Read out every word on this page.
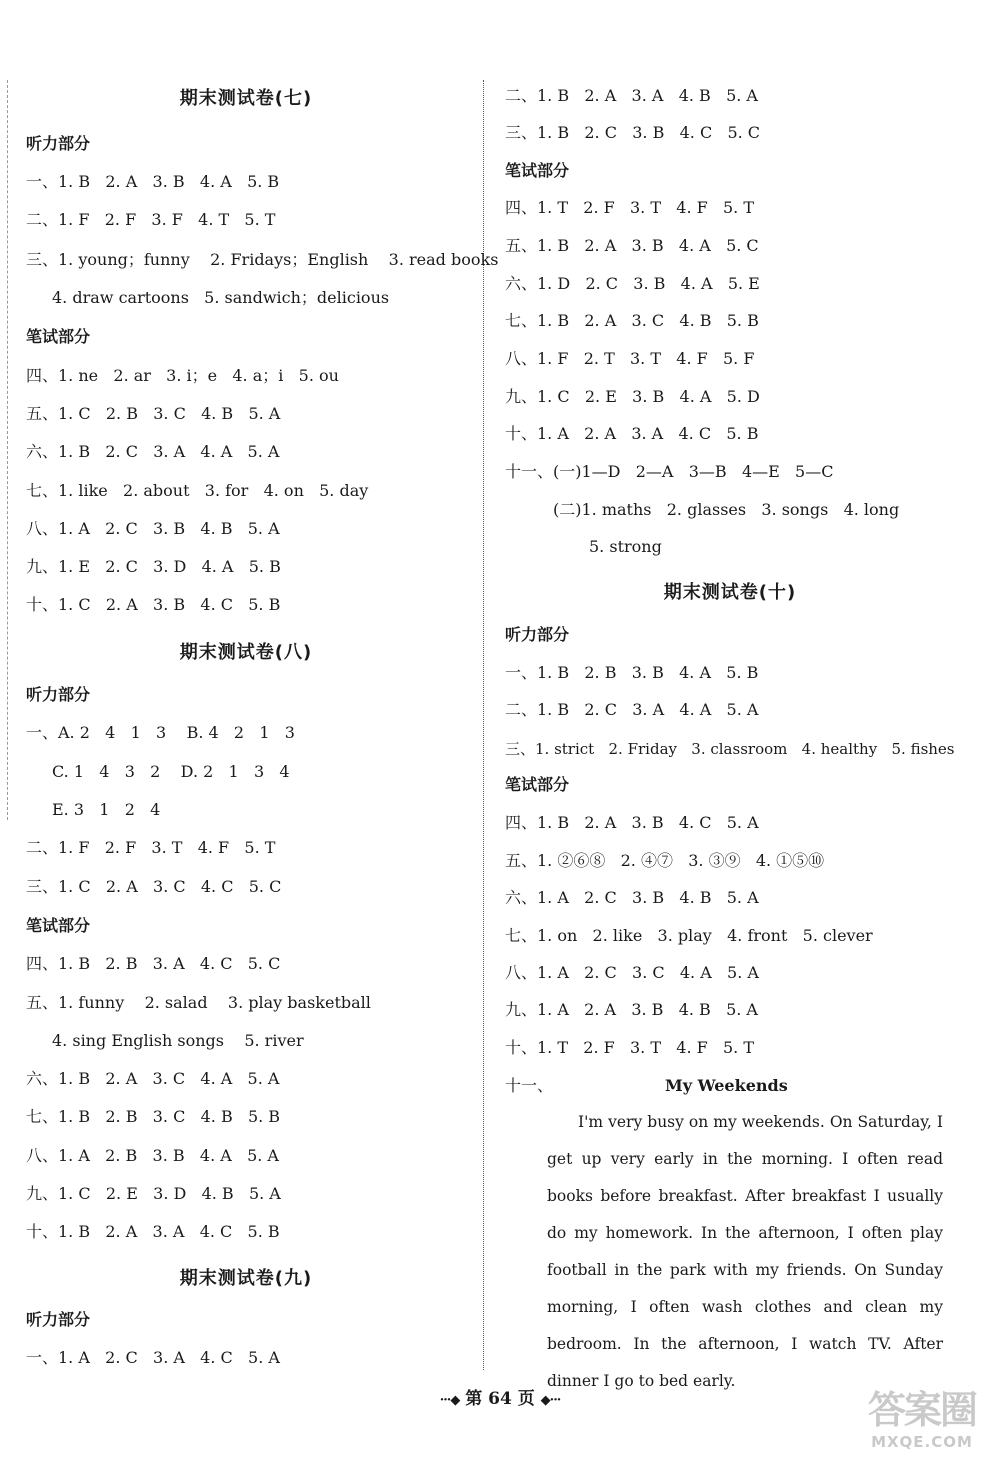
期末测试卷(七)
听力部分
一、1. B   2. A   3. B   4. A   5. B
二、1. F   2. F   3. F   4. T   5. T
三、1. young；funny    2. Fridays；English    3. read books
4. draw cartoons   5. sandwich；delicious
笔试部分
四、1. ne   2. ar   3. i；e   4. a；i   5. ou
五、1. C   2. B   3. C   4. B   5. A
六、1. B   2. C   3. A   4. A   5. A
七、1. like   2. about   3. for   4. on   5. day
八、1. A   2. C   3. B   4. B   5. A
九、1. E   2. C   3. D   4. A   5. B
十、1. C   2. A   3. B   4. C   5. B
期末测试卷(八)
听力部分
一、A. 2   4   1   3    B. 4   2   1   3
C. 1   4   3   2    D. 2   1   3   4
E. 3   1   2   4
二、1. F   2. F   3. T   4. F   5. T
三、1. C   2. A   3. C   4. C   5. C
笔试部分
四、1. B   2. B   3. A   4. C   5. C
五、1. funny    2. salad    3. play basketball
4. sing English songs    5. river
六、1. B   2. A   3. C   4. A   5. A
七、1. B   2. B   3. C   4. B   5. B
八、1. A   2. B   3. B   4. A   5. A
九、1. C   2. E   3. D   4. B   5. A
十、1. B   2. A   3. A   4. C   5. B
期末测试卷(九)
听力部分
一、1. A   2. C   3. A   4. C   5. A
二、1. B   2. A   3. A   4. B   5. A
三、1. B   2. C   3. B   4. C   5. C
笔试部分
四、1. T   2. F   3. T   4. F   5. T
五、1. B   2. A   3. B   4. A   5. C
六、1. D   2. C   3. B   4. A   5. E
七、1. B   2. A   3. C   4. B   5. B
八、1. F   2. T   3. T   4. F   5. F
九、1. C   2. E   3. B   4. A   5. D
十、1. A   2. A   3. A   4. C   5. B
十一、(一)1—D   2—A   3—B   4—E   5—C
(二)1. maths   2. glasses   3. songs   4. long
5. strong
期末测试卷(十)
听力部分
一、1. B   2. B   3. B   4. A   5. B
二、1. B   2. C   3. A   4. A   5. A
三、1. strict   2. Friday   3. classroom   4. healthy   5. fishes
笔试部分
四、1. B   2. A   3. B   4. C   5. A
五、1. ②⑥⑧   2. ④⑦   3. ③⑨   4. ①⑤⑩
六、1. A   2. C   3. B   4. B   5. A
七、1. on   2. like   3. play   4. front   5. clever
八、1. A   2. C   3. C   4. A   5. A
九、1. A   2. A   3. B   4. B   5. A
十、1. T   2. F   3. T   4. F   5. T
十一、	My Weekends

I'm very busy on my weekends. On Saturday, I get up very early in the morning. I often read books before breakfast. After breakfast I usually do my homework. In the afternoon, I often play football in the park with my friends. On Sunday morning, I often wash clothes and clean my bedroom. In the afternoon, I watch TV. After dinner I go to bed early.

···◆ 第 64 页 ◆···	答案圈
MXQE.COM
